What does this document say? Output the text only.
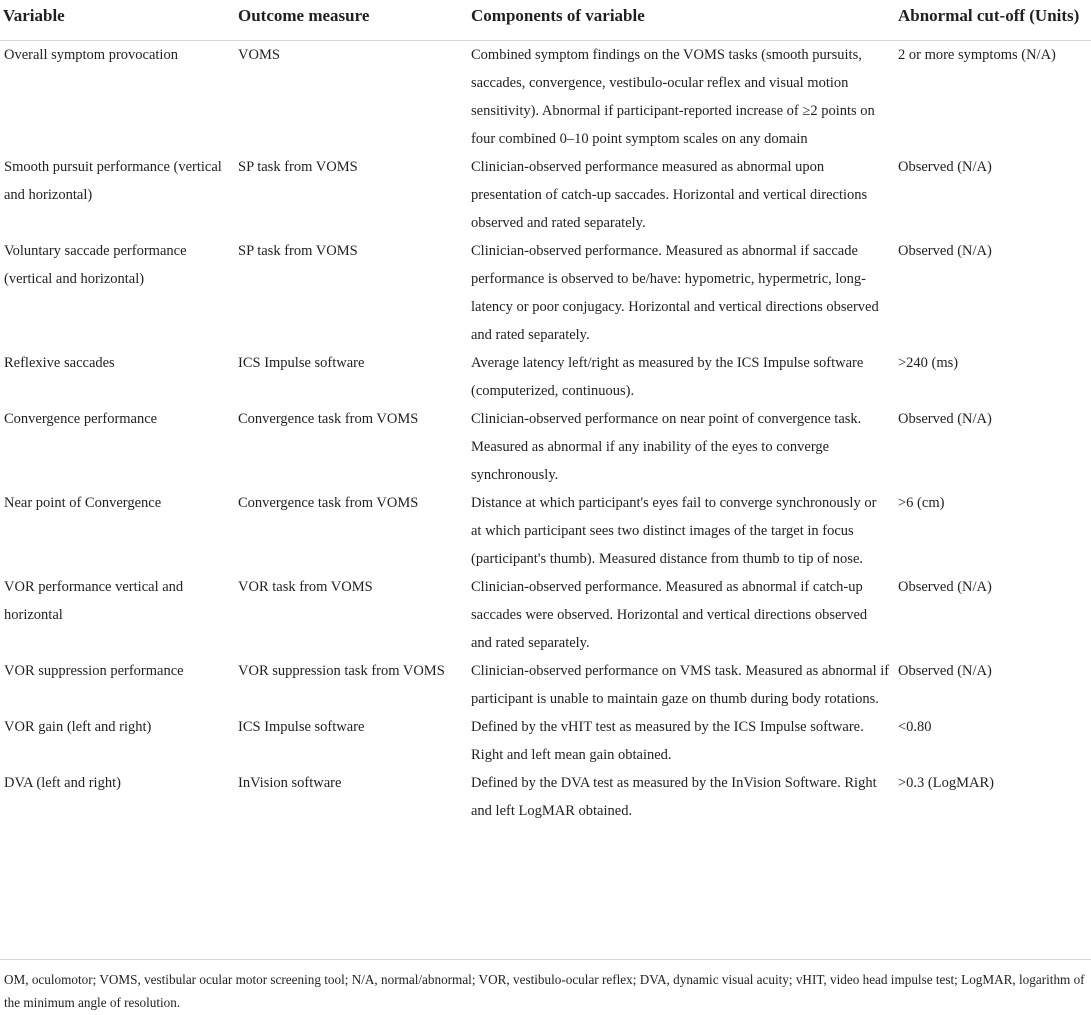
Variable	Outcome measure	Components of variable	Abnormal cut-off (Units)
Overall symptom provocation	VOMS	Combined symptom findings on the VOMS tasks (smooth pursuits, saccades, convergence, vestibulo-ocular reflex and visual motion sensitivity). Abnormal if participant-reported increase of ≥2 points on four combined 0–10 point symptom scales on any domain	2 or more symptoms (N/A)
Smooth pursuit performance (vertical and horizontal)	SP task from VOMS	Clinician-observed performance measured as abnormal upon presentation of catch-up saccades. Horizontal and vertical directions observed and rated separately.	Observed (N/A)
Voluntary saccade performance (vertical and horizontal)	SP task from VOMS	Clinician-observed performance. Measured as abnormal if saccade performance is observed to be/have: hypometric, hypermetric, long-latency or poor conjugacy. Horizontal and vertical directions observed and rated separately.	Observed (N/A)
Reflexive saccades	ICS Impulse software	Average latency left/right as measured by the ICS Impulse software (computerized, continuous).	>240 (ms)
Convergence performance	Convergence task from VOMS	Clinician-observed performance on near point of convergence task. Measured as abnormal if any inability of the eyes to converge synchronously.	Observed (N/A)
Near point of Convergence	Convergence task from VOMS	Distance at which participant's eyes fail to converge synchronously or at which participant sees two distinct images of the target in focus (participant's thumb). Measured distance from thumb to tip of nose.	>6 (cm)
VOR performance vertical and horizontal	VOR task from VOMS	Clinician-observed performance. Measured as abnormal if catch-up saccades were observed. Horizontal and vertical directions observed and rated separately.	Observed (N/A)
VOR suppression performance	VOR suppression task from VOMS	Clinician-observed performance on VMS task. Measured as abnormal if participant is unable to maintain gaze on thumb during body rotations.	Observed (N/A)
VOR gain (left and right)	ICS Impulse software	Defined by the vHIT test as measured by the ICS Impulse software. Right and left mean gain obtained.	<0.80
DVA (left and right)	InVision software	Defined by the DVA test as measured by the InVision Software. Right and left LogMAR obtained.	>0.3 (LogMAR)
OM, oculomotor; VOMS, vestibular ocular motor screening tool; N/A, normal/abnormal; VOR, vestibulo-ocular reflex; DVA, dynamic visual acuity; vHIT, video head impulse test; LogMAR, logarithm of the minimum angle of resolution.
